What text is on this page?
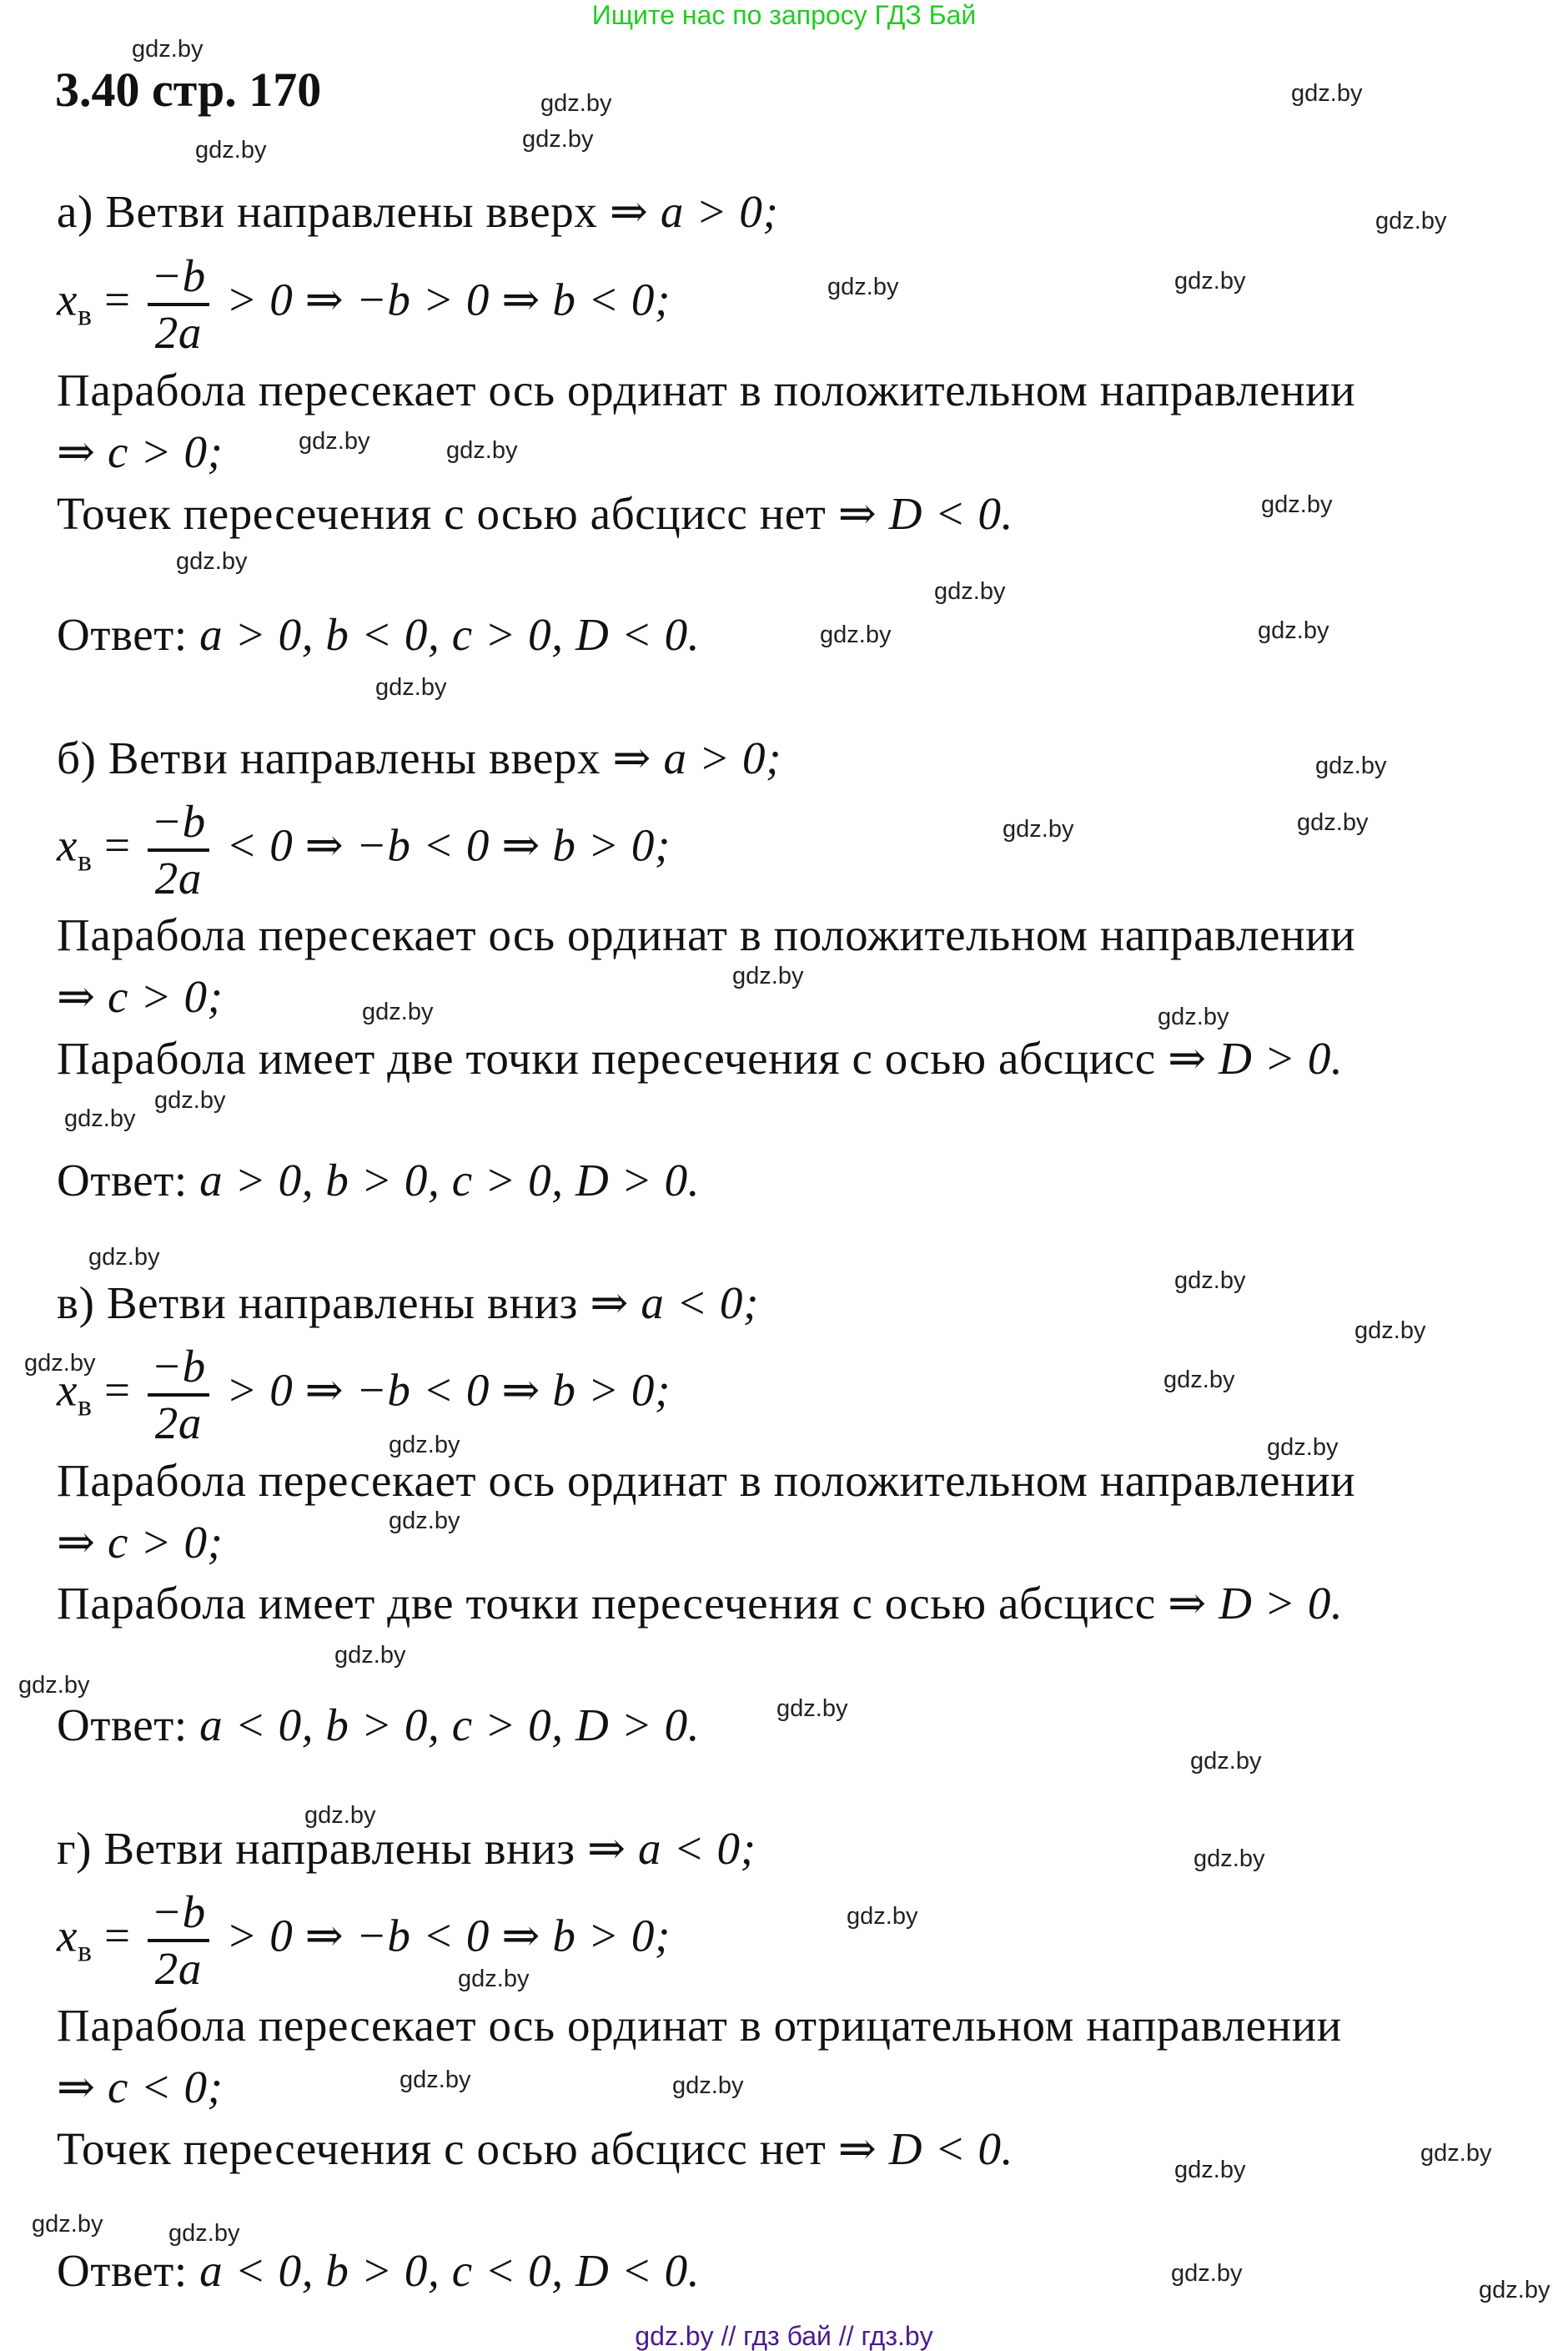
Ищите нас по запросу ГДЗ Бай
3.40 стр. 170
а) Ветви направлены вверх ⇒ a > 0;
$x_в = \frac{-b}{2a} > 0$ ⇒ −b > 0 ⇒ b < 0;
Парабола пересекает ось ординат в положительном направлении
⇒ c > 0;
Точек пересечения с осью абсцисс нет ⇒ D < 0.
Ответ: a > 0, b < 0, c > 0, D < 0.
б) Ветви направлены вверх ⇒ a > 0;
$x_в = \frac{-b}{2a} < 0$ ⇒ −b < 0 ⇒ b > 0;
Парабола пересекает ось ординат в положительном направлении
⇒ c > 0;
Парабола имеет две точки пересечения с осью абсцисс ⇒ D > 0.
Ответ: a > 0, b > 0, c > 0, D > 0.
в) Ветви направлены вниз ⇒ a < 0;
$x_в = \frac{-b}{2a} > 0$ ⇒ −b < 0 ⇒ b > 0;
Парабола пересекает ось ординат в положительном направлении
⇒ c > 0;
Парабола имеет две точки пересечения с осью абсцисс ⇒ D > 0.
Ответ: a < 0, b > 0, c > 0, D > 0.
г) Ветви направлены вниз ⇒ a < 0;
$x_в = \frac{-b}{2a} > 0$ ⇒ −b < 0 ⇒ b > 0;
Парабола пересекает ось ординат в отрицательном направлении
⇒ c < 0;
Точек пересечения с осью абсцисс нет ⇒ D < 0.
Ответ: a < 0, b > 0, c < 0, D < 0.
gdz.by
gdz.by	gdz.by
gdz.by	gdz.by
gdz.by
gdz.by	gdz.by
gdz.by	gdz.by
gdz.by
gdz.by
gdz.by
gdz.by	gdz.by
gdz.by
gdz.by
gdz.by	gdz.by
gdz.by
gdz.by	gdz.by
gdz.by
gdz.by
gdz.by
gdz.by
gdz.by
gdz.by
gdz.by
gdz.by	gdz.by
gdz.by
gdz.by
gdz.by
gdz.by
gdz.by
gdz.by
gdz.by
gdz.by
gdz.by
gdz.by	gdz.by
gdz.by
gdz.by
gdz.by	gdz.by
gdz.by
gdz.by
gdz.by // гдз бай // гдз.by
